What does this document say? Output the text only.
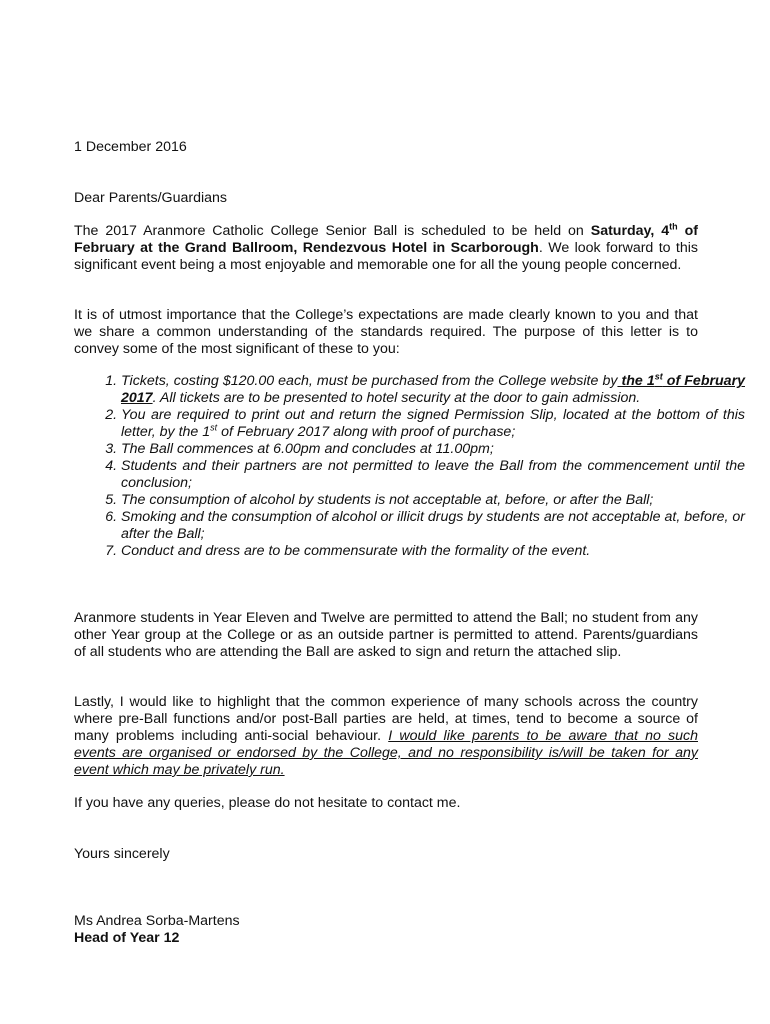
1 December 2016

Dear Parents/Guardians

The 2017 Aranmore Catholic College Senior Ball is scheduled to be held on Saturday, 4th of February at the Grand Ballroom, Rendezvous Hotel in Scarborough. We look forward to this significant event being a most enjoyable and memorable one for all the young people concerned.

It is of utmost importance that the College’s expectations are made clearly known to you and that we share a common understanding of the standards required. The purpose of this letter is to convey some of the most significant of these to you:

1. Tickets, costing $120.00 each, must be purchased from the College website by the 1st of February 2017. All tickets are to be presented to hotel security at the door to gain admission.
2. You are required to print out and return the signed Permission Slip, located at the bottom of this letter, by the 1st of February 2017 along with proof of purchase;
3. The Ball commences at 6.00pm and concludes at 11.00pm;
4. Students and their partners are not permitted to leave the Ball from the commencement until the conclusion;
5. The consumption of alcohol by students is not acceptable at, before, or after the Ball;
6. Smoking and the consumption of alcohol or illicit drugs by students are not acceptable at, before, or after the Ball;
7. Conduct and dress are to be commensurate with the formality of the event.

Aranmore students in Year Eleven and Twelve are permitted to attend the Ball; no student from any other Year group at the College or as an outside partner is permitted to attend. Parents/guardians of all students who are attending the Ball are asked to sign and return the attached slip.

Lastly, I would like to highlight that the common experience of many schools across the country where pre-Ball functions and/or post-Ball parties are held, at times, tend to become a source of many problems including anti-social behaviour. I would like parents to be aware that no such events are organised or endorsed by the College, and no responsibility is/will be taken for any event which may be privately run.

If you have any queries, please do not hesitate to contact me.

Yours sincerely

Ms Andrea Sorba-Martens

Head of Year 12
